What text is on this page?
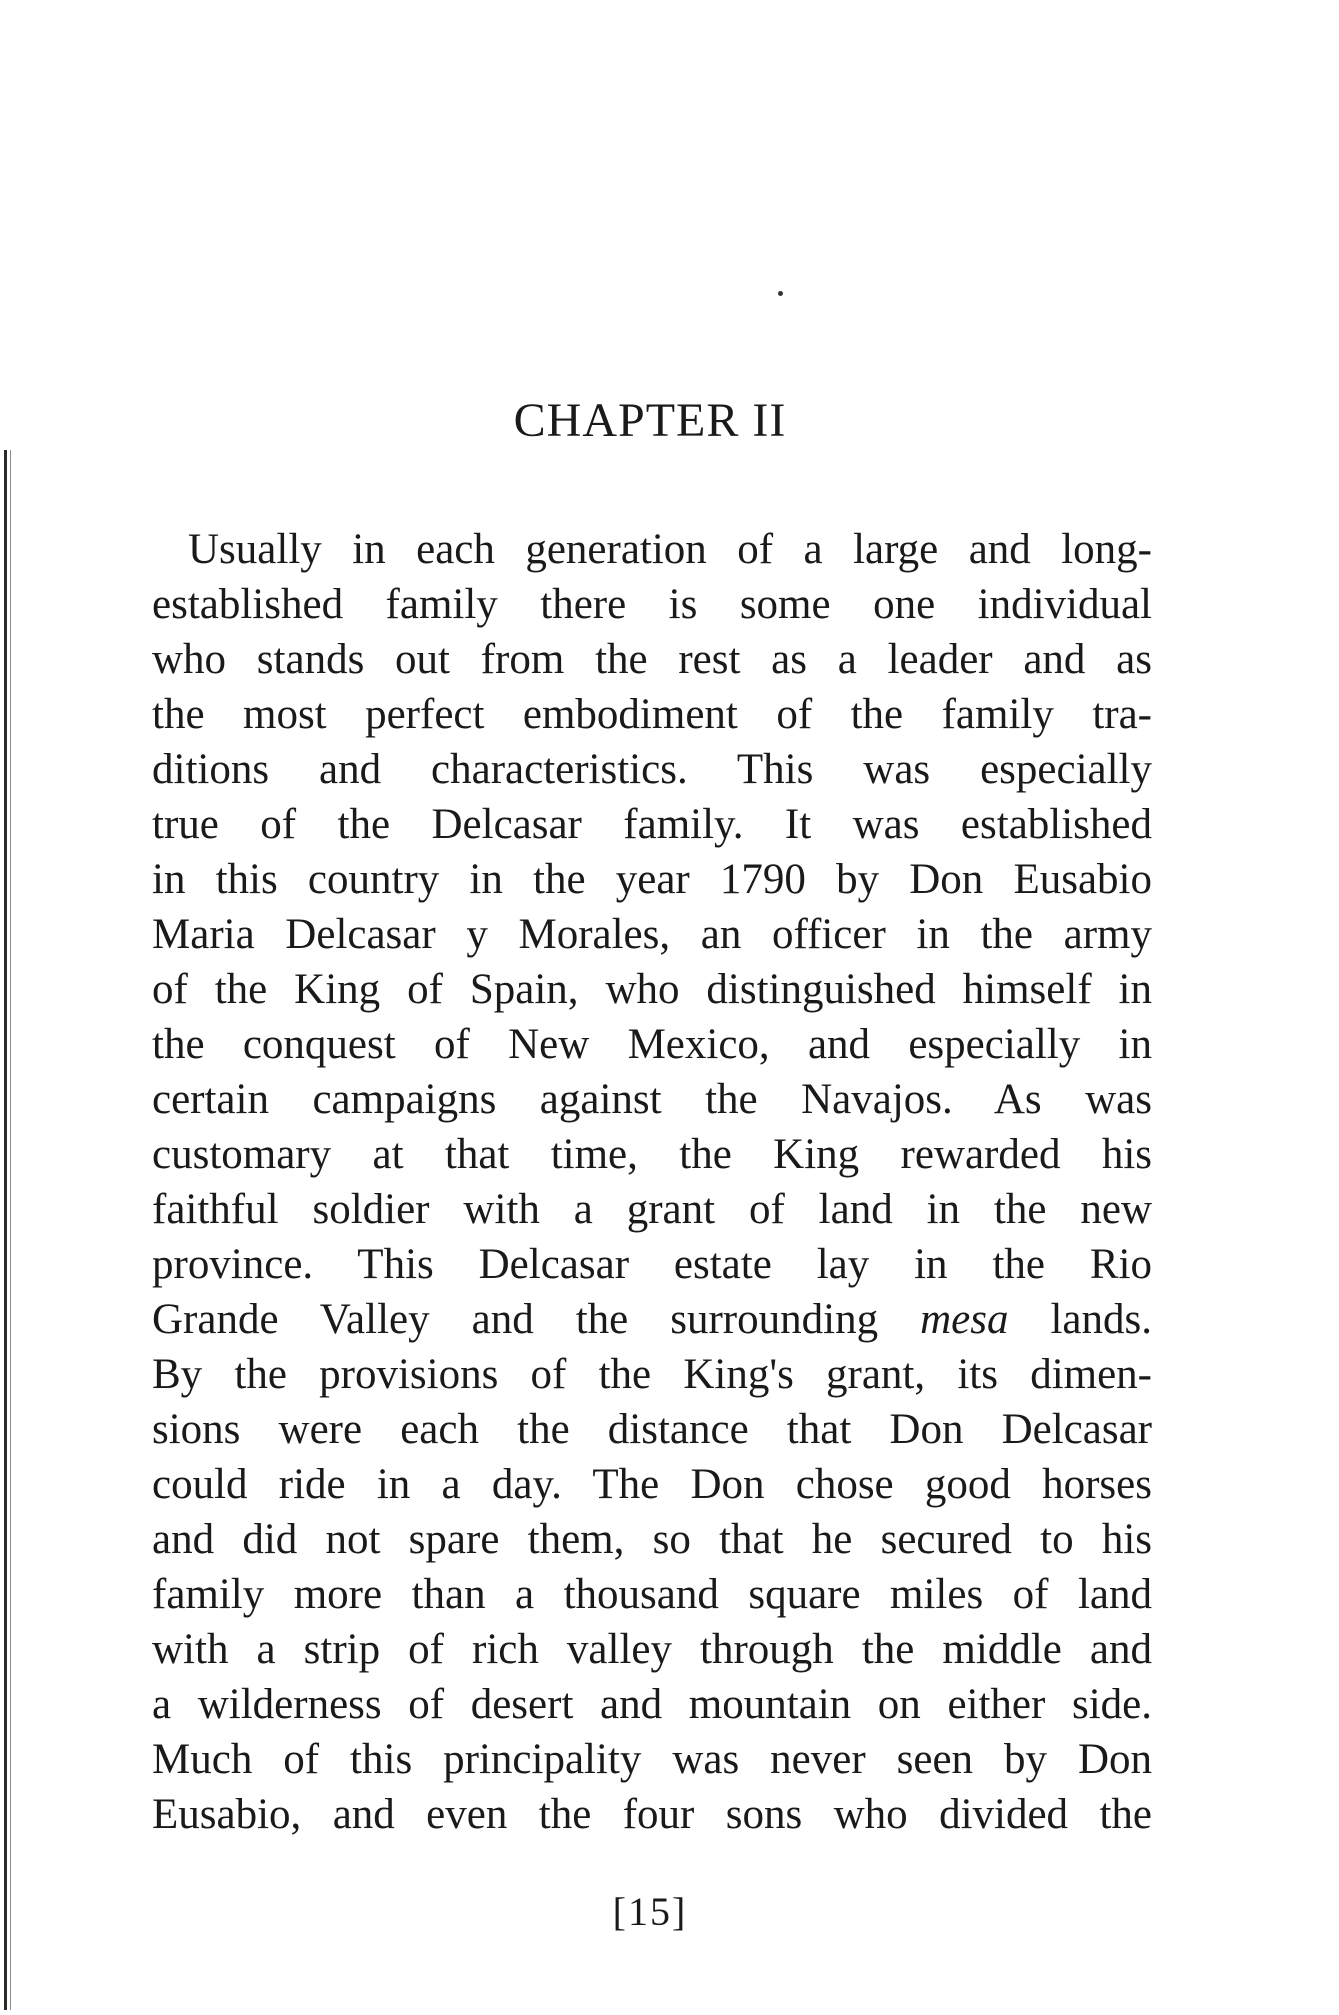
CHAPTER II
Usually in each generation of a large and long-
established family there is some one individual
who stands out from the rest as a leader and as
the most perfect embodiment of the family tra-
ditions and characteristics. This was especially
true of the Delcasar family. It was established
in this country in the year 1790 by Don Eusabio
Maria Delcasar y Morales, an officer in the army
of the King of Spain, who distinguished himself in
the conquest of New Mexico, and especially in
certain campaigns against the Navajos. As was
customary at that time, the King rewarded his
faithful soldier with a grant of land in the new
province. This Delcasar estate lay in the Rio
Grande Valley and the surrounding mesa lands.
By the provisions of the King's grant, its dimen-
sions were each the distance that Don Delcasar
could ride in a day. The Don chose good horses
and did not spare them, so that he secured to his
family more than a thousand square miles of land
with a strip of rich valley through the middle and
a wilderness of desert and mountain on either side.
Much of this principality was never seen by Don
Eusabio, and even the four sons who divided the
[15]
